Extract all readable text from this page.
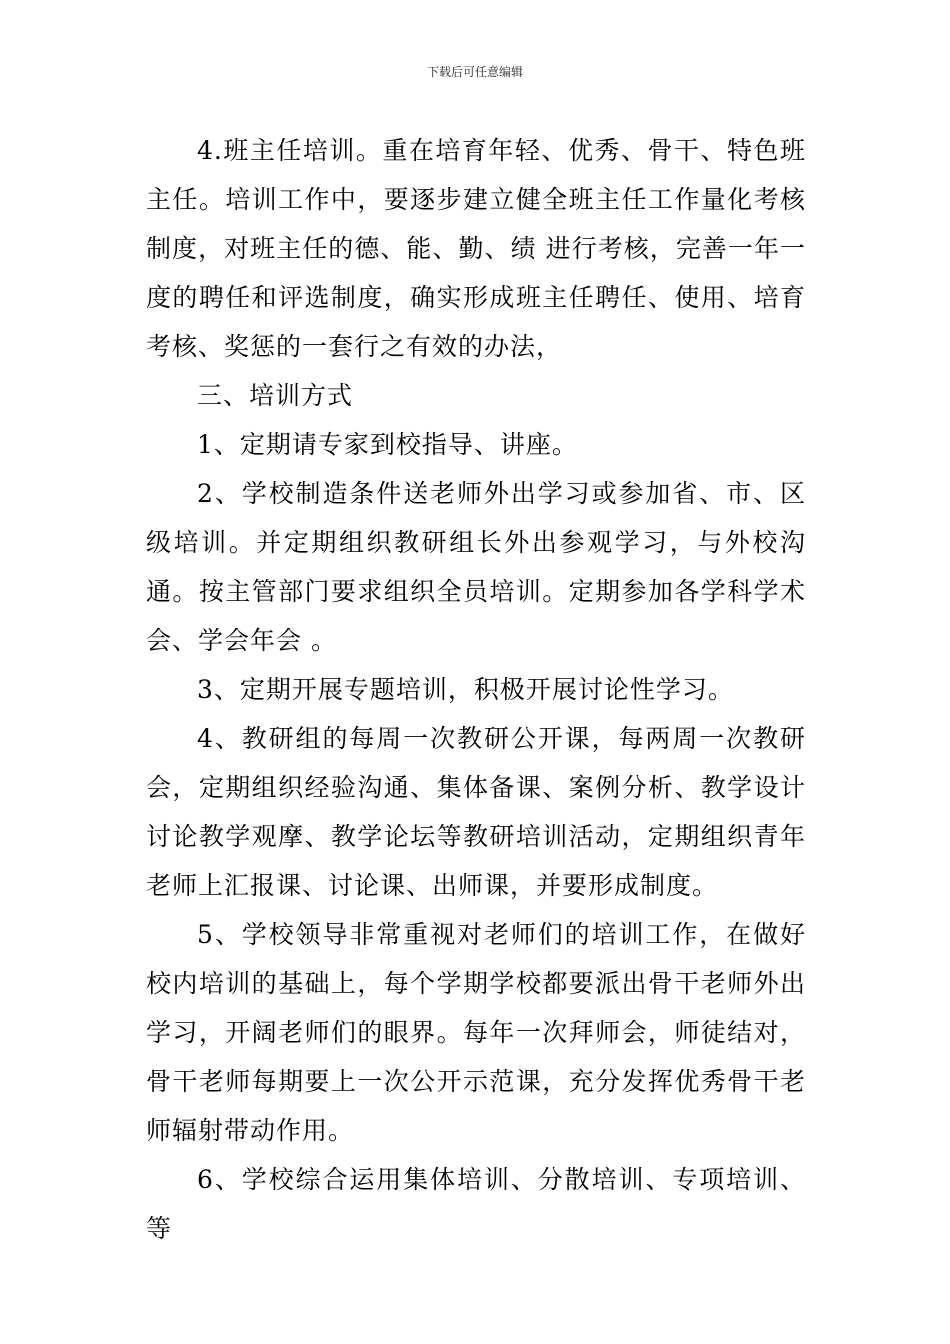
下载后可任意编辑

4.班主任培训。重在培育年轻、优秀、骨干、特色班主任。培训工作中，要逐步建立健全班主任工作量化考核制度，对班主任的德、能、勤、绩 进行考核，完善一年一度的聘任和评选制度，确实形成班主任聘任、使用、培育考核、奖惩的一套行之有效的办法，

三、培训方式

1、定期请专家到校指导、讲座。

2、学校制造条件送老师外出学习或参加省、市、区级培训。并定期组织教研组长外出参观学习，与外校沟通。按主管部门要求组织全员培训。定期参加各学科学术会、学会年会 。

3、定期开展专题培训，积极开展讨论性学习。

4、教研组的每周一次教研公开课，每两周一次教研会，定期组织经验沟通、集体备课、案例分析、教学设计讨论教学观摩、教学论坛等教研培训活动，定期组织青年老师上汇报课、讨论课、出师课，并要形成制度。

5、学校领导非常重视对老师们的培训工作，在做好校内培训的基础上，每个学期学校都要派出骨干老师外出学习，开阔老师们的眼界。每年一次拜师会，师徒结对，骨干老师每期要上一次公开示范课，充分发挥优秀骨干老师辐射带动作用。

6、学校综合运用集体培训、分散培训、专项培训、等
